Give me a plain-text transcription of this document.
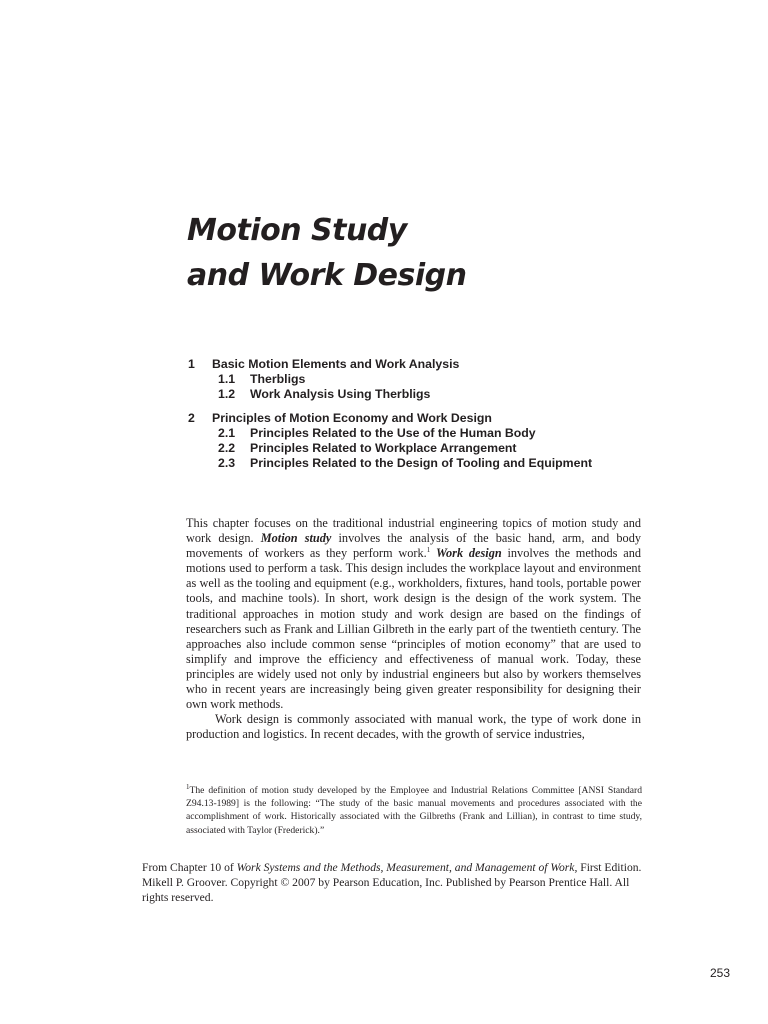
Motion Study
and Work Design
1	Basic Motion Elements and Work Analysis
1.1	Therbligs
1.2	Work Analysis Using Therbligs
2	Principles of Motion Economy and Work Design
2.1	Principles Related to the Use of the Human Body
2.2	Principles Related to Workplace Arrangement
2.3	Principles Related to the Design of Tooling and Equipment

This chapter focuses on the traditional industrial engineering topics of motion study and work design. Motion study involves the analysis of the basic hand, arm, and body movements of workers as they perform work.$^1$ Work design involves the methods and motions used to perform a task. This design includes the workplace layout and environment as well as the tooling and equipment (e.g., workholders, fixtures, hand tools, portable power tools, and machine tools). In short, work design is the design of the work system. The traditional approaches in motion study and work design are based on the findings of researchers such as Frank and Lillian Gilbreth in the early part of the twentieth century. The approaches also include common sense “principles of motion economy” that are used to simplify and improve the efficiency and effectiveness of manual work. Today, these principles are widely used not only by industrial engineers but also by workers themselves who in recent years are increasingly being given greater responsibility for designing their own work methods.

Work design is commonly associated with manual work, the type of work done in production and logistics. In recent decades, with the growth of service industries,

$^1$The definition of motion study developed by the Employee and Industrial Relations Committee [ANSI Standard Z94.13-1989] is the following: “The study of the basic manual movements and procedures associated with the accomplishment of work. Historically associated with the Gilbreths (Frank and Lillian), in contrast to time study, associated with Taylor (Frederick).”

From Chapter 10 of Work Systems and the Methods, Measurement, and Management of Work, First Edition. Mikell P. Groover. Copyright © 2007 by Pearson Education, Inc. Published by Pearson Prentice Hall. All rights reserved.

253
